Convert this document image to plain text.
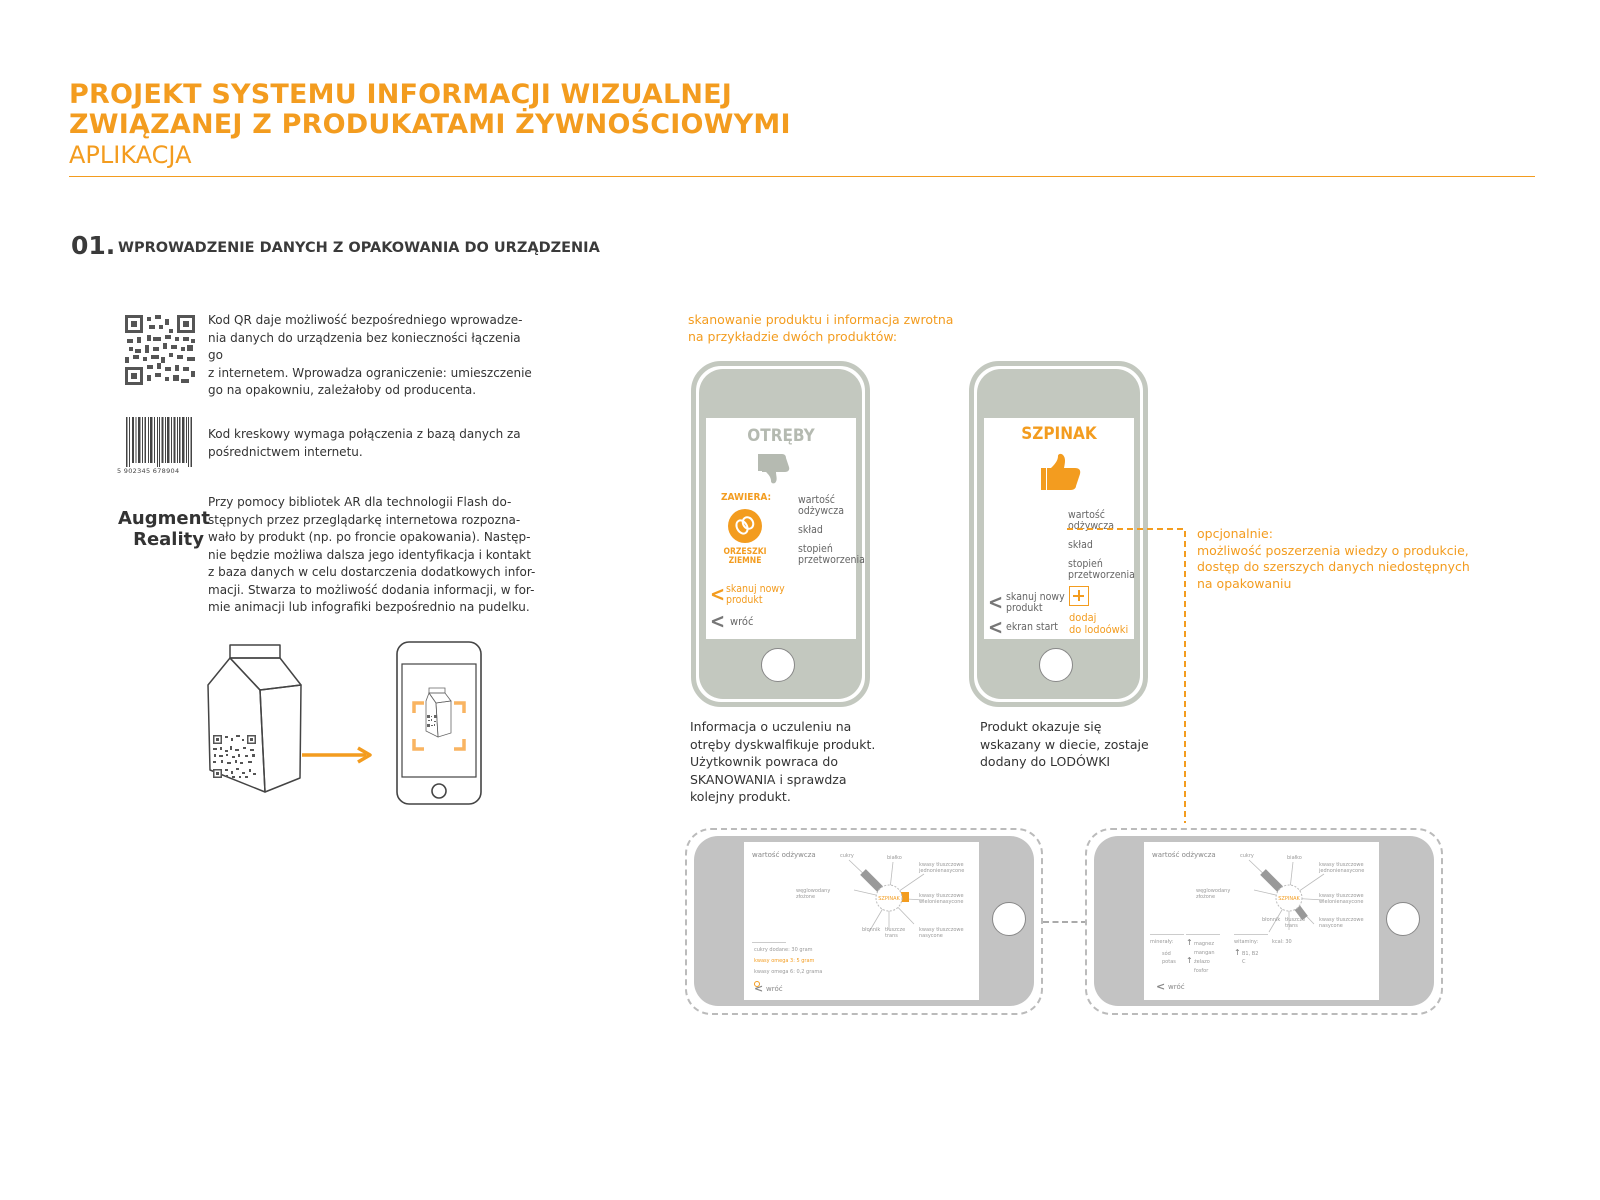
PROJEKT SYSTEMU INFORMACJI WIZUALNEJ
ZWIĄZANEJ Z PRODUKATAMI ŻYWNOŚCIOWYMI
APLIKACJA
01. WPROWADZENIE DANYCH Z OPAKOWANIA DO URZĄDZENIA
Kod QR daje możliwość bezpośredniego wprowadze-
nia danych do urządzenia bez konieczności łączenia go
z internetem. Wprowadza ograniczenie: umieszczenie
go na opakowniu, zależałoby od producenta.
5 902345 678904
Kod kreskowy wymaga połączenia z bazą danych za
pośrednictwem internetu.
Augment
Reality
Przy pomocy bibliotek AR dla technologii Flash do-
stępnych przez przeglądarkę internetowa rozpozna-
wało by produkt (np. po froncie opakowania). Następ-
nie będzie możliwa dalsza jego identyfikacja i kontakt
z baza danych w celu dostarczenia dodatkowych infor-
macji. Stwarza to możliwość dodania informacji, w for-
mie animacji lub infografiki bezpośrednio na pudelku.
skanowanie produktu i informacja zwrotna
na przykładzie dwóch produktów:
OTRĘBY
ZAWIERA:
ORZESZKI
ZIEMNE
wartość
odżywcza
skład
stopień
przetworzenia
< skanuj nowy
produkt
< wróć
Informacja o uczuleniu na
otręby dyskwalfikuje produkt.
Użytkownik powraca do
SKANOWANIA i sprawdza
kolejny produkt.
SZPINAK
wartość
odżywcza
skład
stopień
przetworzenia
< skanuj nowy
produkt
< ekran start
dodaj
do lodoówki
Produkt okazuje się
wskazany w diecie, zostaje
dodany do LODÓWKI
opcjonalnie:
możliwość poszerzenia wiedzy o produkcie,
dostęp do szerszych danych niedostępnych
na opakowaniu
wartość odżywcza
SZPINAK
cukry	białko
kwasy tłuszczowe jednonienasycone
węglowodany złożone	kwasy tłuszczowe wielonienasycone
błonnik tłuszcze trans
kwasy tłuszczowe nasycone
cukry dodane: 30 gram
kwasy omega 3: 5 gram
kwasy omega 6: 0,2 grama
< wróć
wartość odżywcza
SZPINAK
cukry	białko
kwasy tłuszczowe jednonienasycone
węglowodany złożone	kwasy tłuszczowe wielonienasycone
błonnik tłuszcze trans
kwasy tłuszczowe nasycone
minerały:
sód
potas
↑ magnez
mangan
↑ żelazo
fosfor
witaminy:	kcal: 30
↑ B1, B2
C
< wróć
